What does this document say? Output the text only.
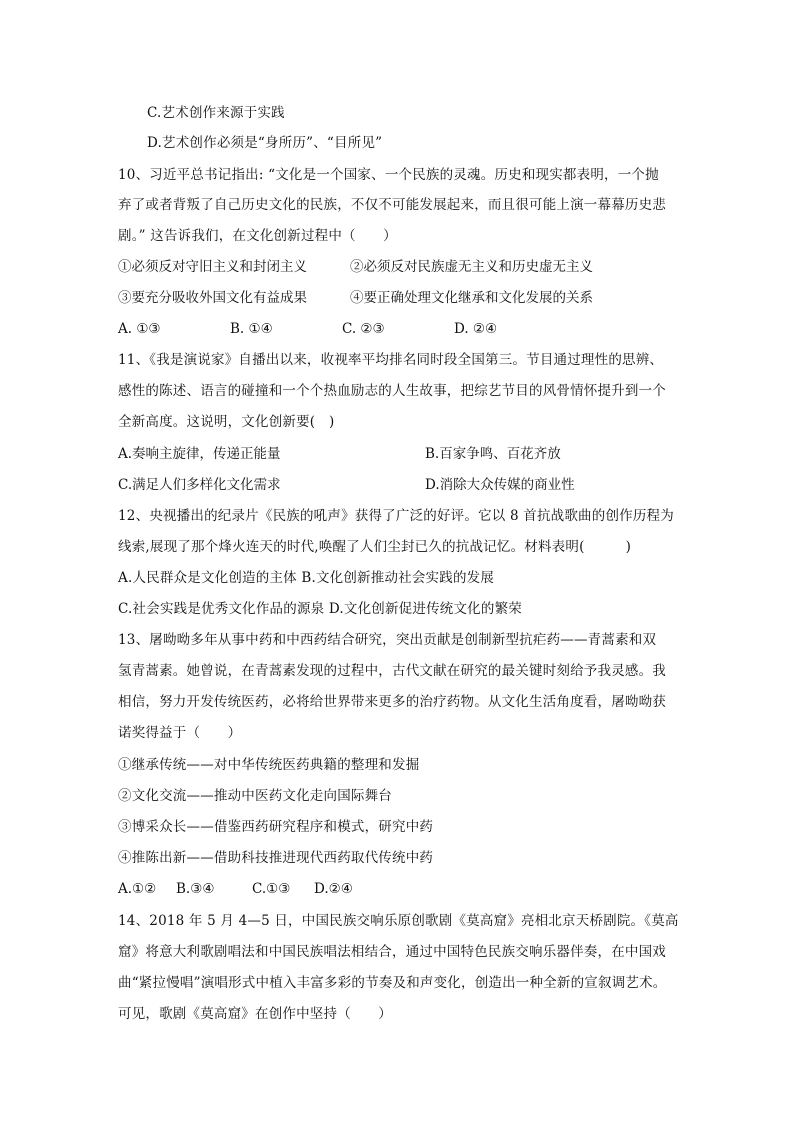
C.艺术创作来源于实践
D.艺术创作必须是“身所历”、“目所见”
10、习近平总书记指出: “文化是一个国家、一个民族的灵魂。历史和现实都表明，一个抛
弃了或者背叛了自己历史文化的民族，不仅不可能发展起来，而且很可能上演一幕幕历史悲
剧。” 这告诉我们，在文化创新过程中（　　）
①必须反对守旧主义和封闭主义	②必须反对民族虚无主义和历史虚无主义
③要充分吸收外国文化有益成果	④要正确处理文化继承和文化发展的关系
A. ①③	B. ①④	C. ②③	D. ②④
11、《我是演说家》自播出以来，收视率平均排名同时段全国第三。节目通过理性的思辨、
感性的陈述、语言的碰撞和一个个热血励志的人生故事，把综艺节目的风骨情怀提升到一个
全新高度。这说明，文化创新要(　)
A.奏响主旋律，传递正能量	B.百家争鸣、百花齐放
C.满足人们多样化文化需求	D.消除大众传媒的商业性
12、央视播出的纪录片《民族的吼声》获得了广泛的好评。它以 8 首抗战歌曲的创作历程为
线索,展现了那个烽火连天的时代,唤醒了人们尘封已久的抗战记忆。材料表明(　　　)
A.人民群众是文化创造的主体 B.文化创新推动社会实践的发展
C.社会实践是优秀文化作品的源泉 D.文化创新促进传统文化的繁荣
13、屠呦呦多年从事中药和中西药结合研究，突出贡献是创制新型抗疟药——青蒿素和双
氢青蒿素。她曾说，在青蒿素发现的过程中，古代文献在研究的最关键时刻给予我灵感。我
相信，努力开发传统医药，必将给世界带来更多的治疗药物。从文化生活角度看，屠呦呦获
诺奖得益于（　　）
①继承传统——对中华传统医药典籍的整理和发掘
②文化交流——推动中医药文化走向国际舞台
③博采众长——借鉴西药研究程序和模式，研究中药
④推陈出新——借助科技推进现代西药取代传统中药
A.①② B.③④	C.①③ D.②④
14、2018 年 5 月 4—5 日，中国民族交响乐原创歌剧《莫高窟》亮相北京天桥剧院。《莫高
窟》将意大利歌剧唱法和中国民族唱法相结合，通过中国特色民族交响乐器伴奏，在中国戏
曲“紧拉慢唱”演唱形式中植入丰富多彩的节奏及和声变化，创造出一种全新的宣叙调艺术。
可见，歌剧《莫高窟》在创作中坚持（　　）
